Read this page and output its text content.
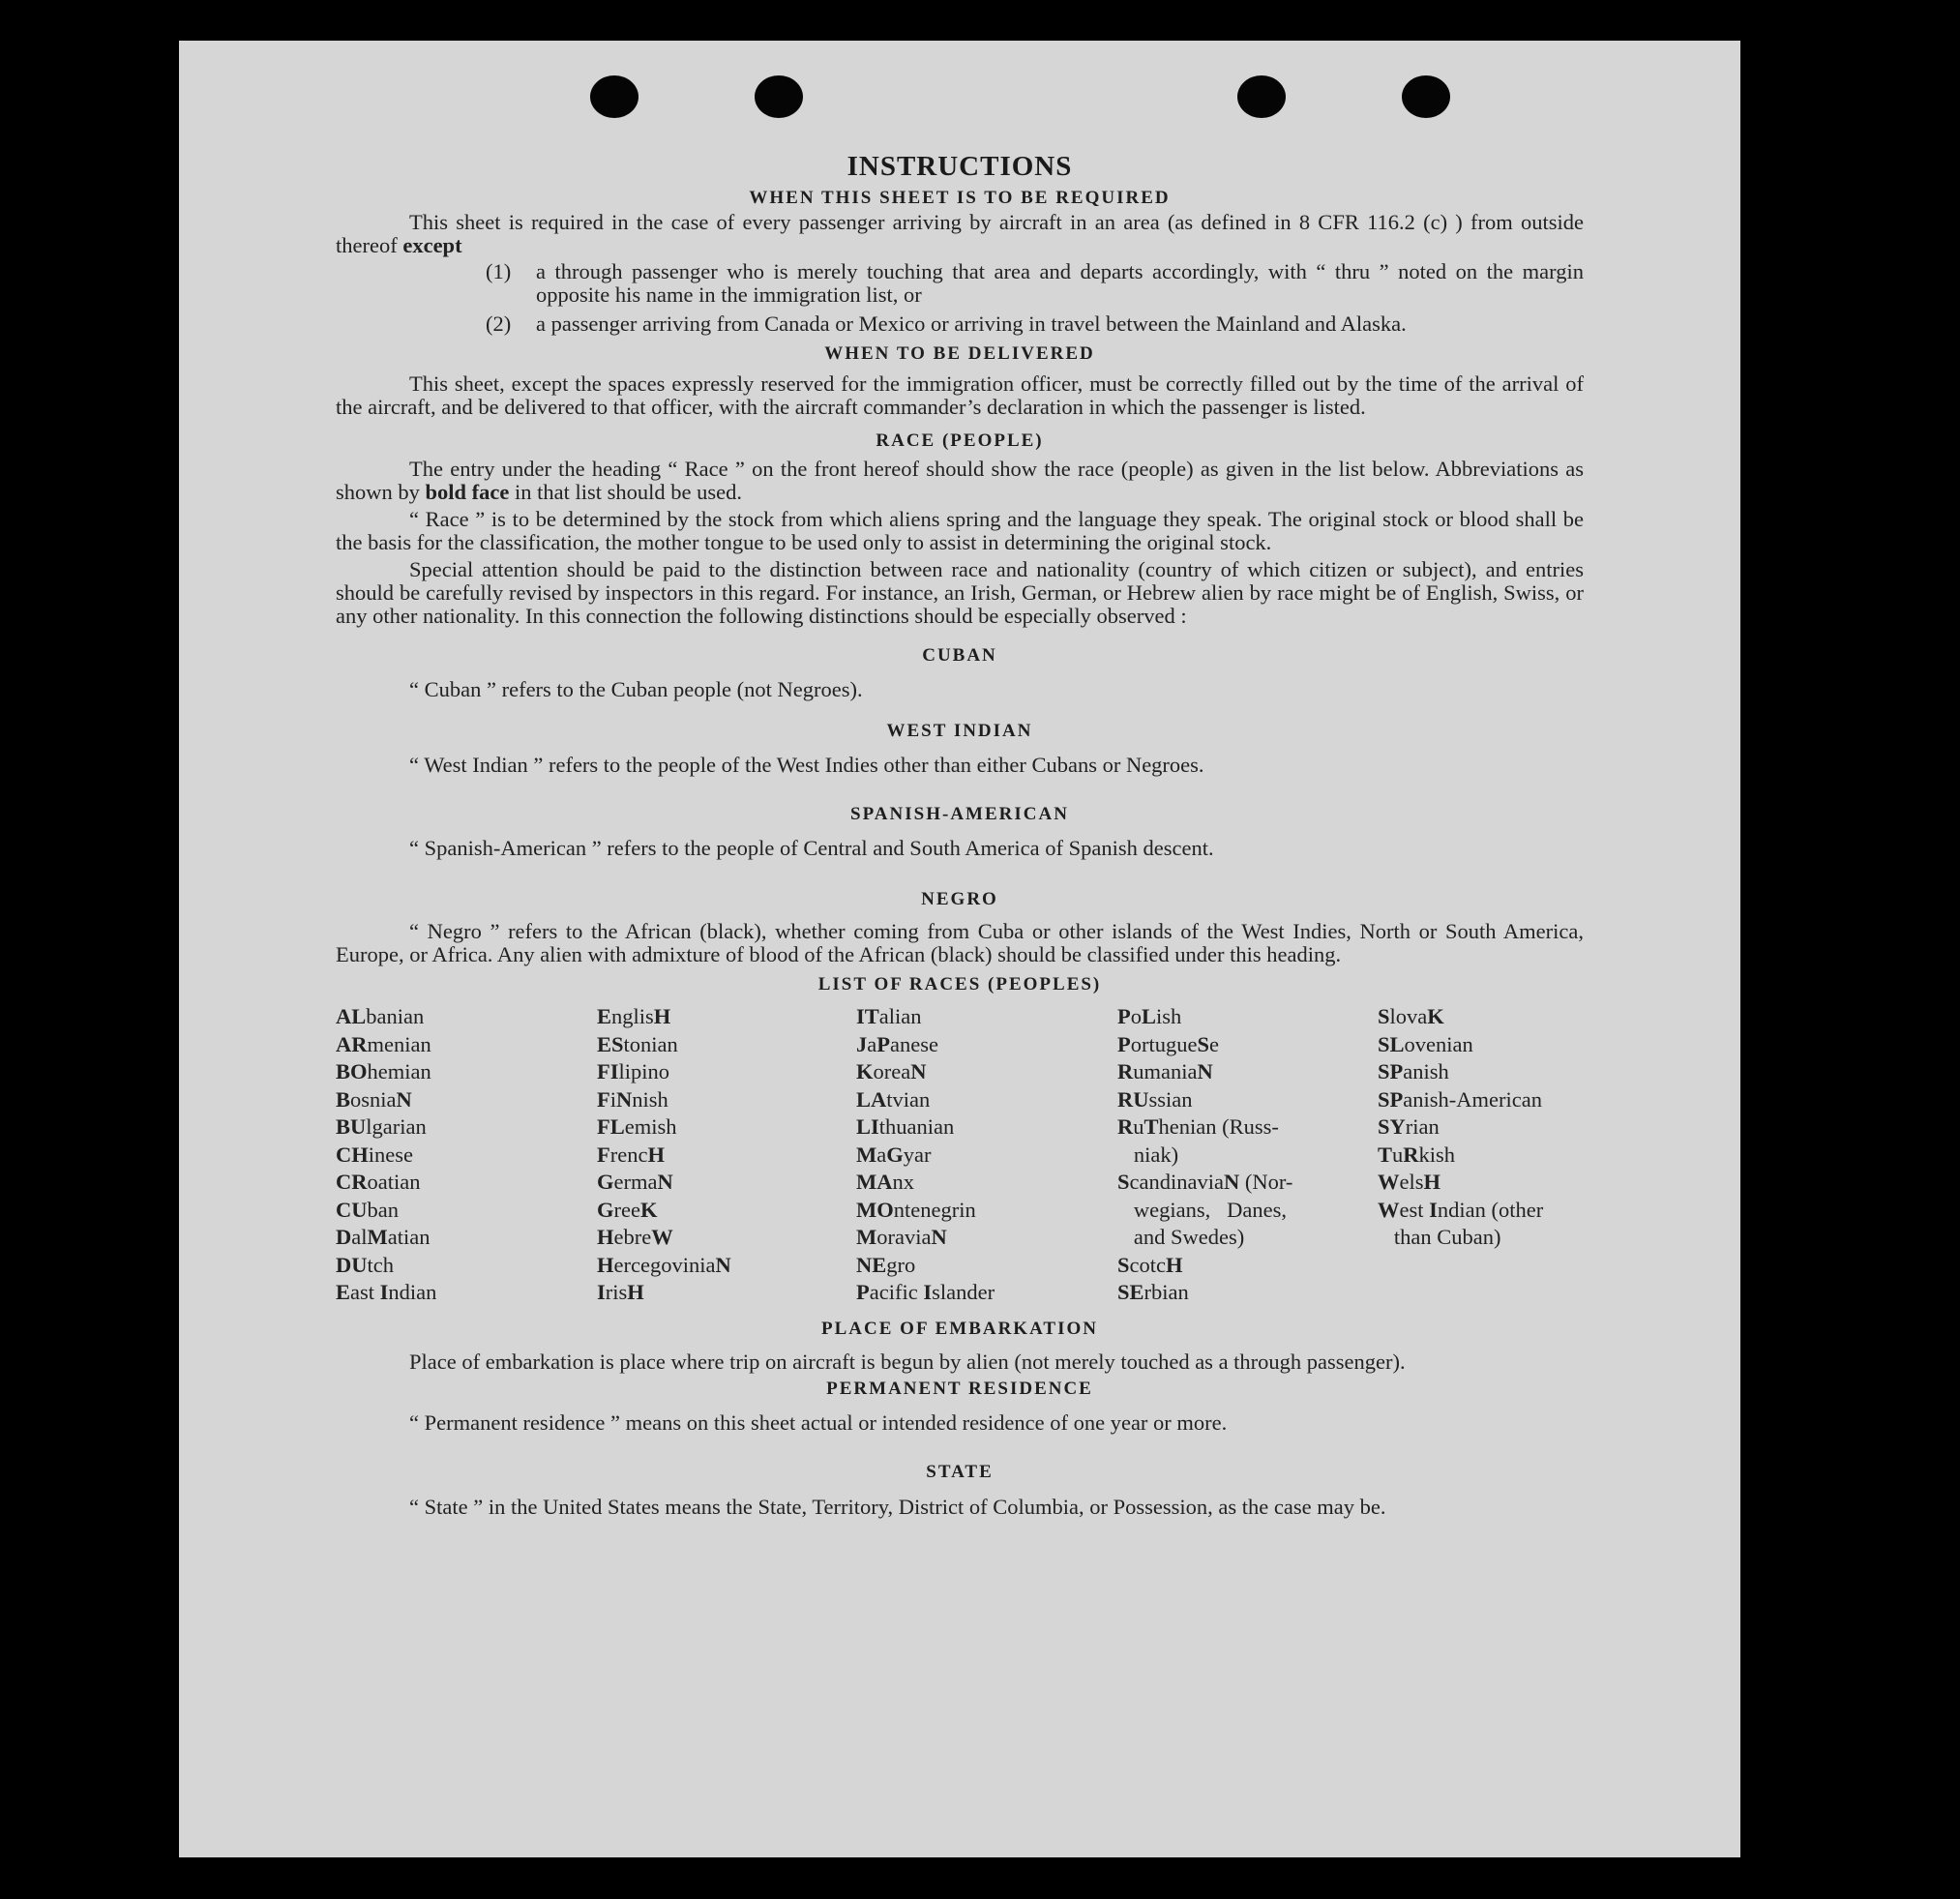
INSTRUCTIONS
WHEN THIS SHEET IS TO BE REQUIRED

This sheet is required in the case of every passenger arriving by aircraft in an area (as defined in 8 CFR 116.2 (c) ) from outside thereof except

(1)	a through passenger who is merely touching that area and departs accordingly, with “ thru ” noted on the margin opposite his name in the immigration list, or
(2)	a passenger arriving from Canada or Mexico or arriving in travel between the Mainland and Alaska.
WHEN TO BE DELIVERED

This sheet, except the spaces expressly reserved for the immigration officer, must be correctly filled out by the time of the arrival of the aircraft, and be delivered to that officer, with the aircraft commander’s declaration in which the passenger is listed.

RACE (PEOPLE)

The entry under the heading “ Race ” on the front hereof should show the race (people) as given in the list below. Abbreviations as shown by bold face in that list should be used.

“ Race ” is to be determined by the stock from which aliens spring and the language they speak. The original stock or blood shall be the basis for the classification, the mother tongue to be used only to assist in determining the original stock.

Special attention should be paid to the distinction between race and nationality (country of which citizen or subject), and entries should be carefully revised by inspectors in this regard. For instance, an Irish, German, or Hebrew alien by race might be of English, Swiss, or any other nationality. In this connection the following distinctions should be especially observed :

CUBAN

“ Cuban ” refers to the Cuban people (not Negroes).

WEST INDIAN

“ West Indian ” refers to the people of the West Indies other than either Cubans or Negroes.

SPANISH-AMERICAN

“ Spanish-American ” refers to the people of Central and South America of Spanish descent.

NEGRO

“ Negro ” refers to the African (black), whether coming from Cuba or other islands of the West Indies, North or South America, Europe, or Africa. Any alien with admixture of blood of the African (black) should be classified under this heading.

LIST OF RACES (PEOPLES)
ALbanian
ARmenian
BOhemian
BosniaN
BUlgarian
CHinese
CRoatian
CUban
DalMatian
DUtch
East Indian
EnglisH
EStonian
FIlipino
FiNnish
FLemish
FrencH
GermaN
GreeK
HebreW
HercegoviniaN
IrisH
ITalian
JaPanese
KoreaN
LAtvian
LIthuanian
MaGyar
MAnx
MOntenegrin
MoraviaN
NEgro
Pacific Islander
PoLish
PortugueSe
RumaniaN
RUssian
RuThenian (Russ-
niak)
ScandinaviaN (Nor-
wegians,   Danes,
and Swedes)
ScotcH
SErbian
SlovaK
SLovenian
SPanish
SPanish-American
SYrian
TuRkish
WelsH
West Indian (other
than Cuban)
PLACE OF EMBARKATION

Place of embarkation is place where trip on aircraft is begun by alien (not merely touched as a through passenger).

PERMANENT RESIDENCE

“ Permanent residence ” means on this sheet actual or intended residence of one year or more.

STATE

“ State ” in the United States means the State, Territory, District of Columbia, or Possession, as the case may be.
